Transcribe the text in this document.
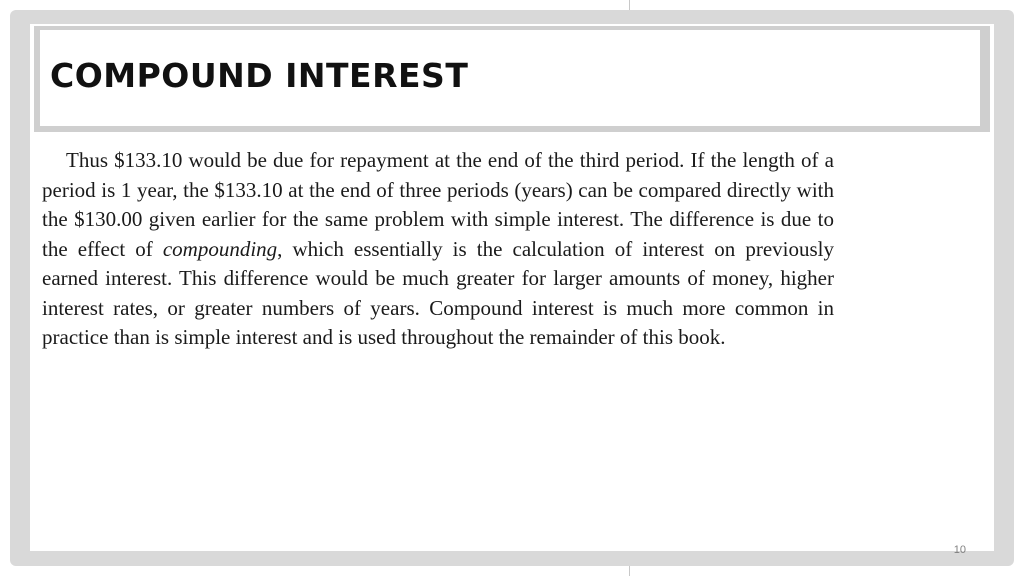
COMPOUND INTEREST

Thus $133.10 would be due for repayment at the end of the third period. If the length of a period is 1 year, the $133.10 at the end of three periods (years) can be compared directly with the $130.00 given earlier for the same problem with simple interest. The difference is due to the effect of compounding, which essentially is the calculation of interest on previously earned interest. This difference would be much greater for larger amounts of money, higher interest rates, or greater numbers of years. Compound interest is much more common in practice than is simple interest and is used throughout the remainder of this book.

10
